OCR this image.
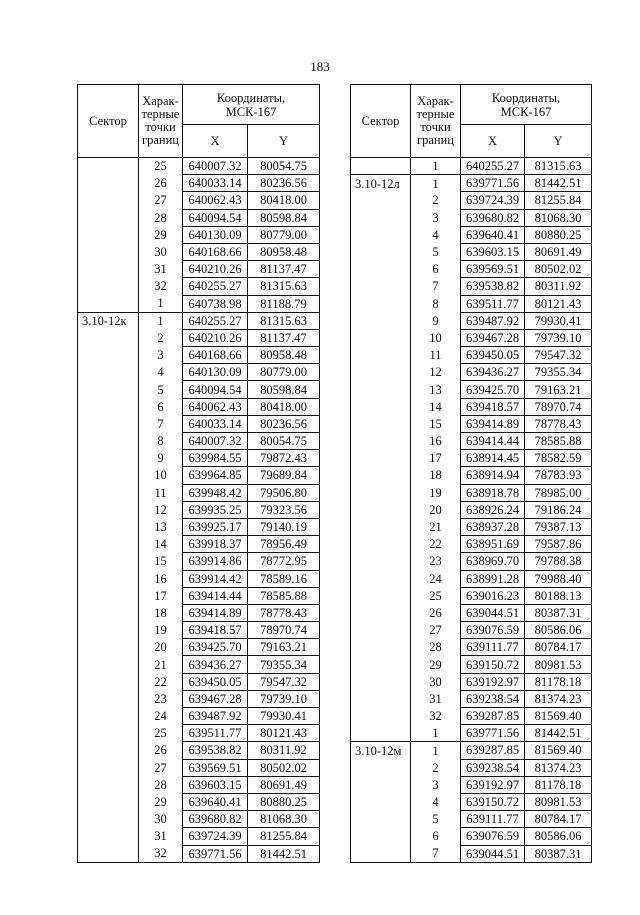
183
Сектор	Харак-
терные
точки
границ	Координаты,
МСК-167	
		X	Y
	25	640007.32	80054.75
	26	640033.14	80236.56
	27	640062.43	80418.00
	28	640094.54	80598.84
	29	640130.09	80779.00
	30	640168.66	80958.48
	31	640210.26	81137.47
	32	640255.27	81315.63
	1	640738.98	81188.79
3.10-12к	1	640255.27	81315.63
	2	640210.26	81137.47
	3	640168.66	80958.48
	4	640130.09	80779.00
	5	640094.54	80598.84
	6	640062.43	80418.00
	7	640033.14	80236.56
	8	640007.32	80054.75
	9	639984.55	79872.43
	10	639964.85	79689.84
	11	639948.42	79506.80
	12	639935.25	79323.56
	13	639925.17	79140.19
	14	639918.37	78956.49
	15	639914.86	78772.95
	16	639914.42	78589.16
	17	639414.44	78585.88
	18	639414.89	78778.43
	19	639418.57	78970.74
	20	639425.70	79163.21
	21	639436.27	79355.34
	22	639450.05	79547.32
	23	639467.28	79739.10
	24	639487.92	79930.41
	25	639511.77	80121.43
	26	639538.82	80311.92
	27	639569.51	80502.02
	28	639603.15	80691.49
	29	639640.41	80880.25
	30	639680.82	81068.30
	31	639724.39	81255.84
	32	639771.56	81442.51
Сектор	Харак-
терные
точки
границ	Координаты,
МСК-167	
		X	Y
	1	640255.27	81315.63
3.10-12л	1	639771.56	81442.51
	2	639724.39	81255.84
	3	639680.82	81068.30
	4	639640.41	80880.25
	5	639603.15	80691.49
	6	639569.51	80502.02
	7	639538.82	80311.92
	8	639511.77	80121.43
	9	639487.92	79930.41
	10	639467.28	79739.10
	11	639450.05	79547.32
	12	639436.27	79355.34
	13	639425.70	79163.21
	14	639418.57	78970.74
	15	639414.89	78778.43
	16	639414.44	78585.88
	17	638914.45	78582.59
	18	638914.94	78783.93
	19	638918.78	78985.00
	20	638926.24	79186.24
	21	638937.28	79387.13
	22	638951.69	79587.86
	23	638969.70	79788.38
	24	638991.28	79988.40
	25	639016.23	80188.13
	26	639044.51	80387.31
	27	639076.59	80586.06
	28	639111.77	80784.17
	29	639150.72	80981.53
	30	639192.97	81178.18
	31	639238.54	81374.23
	32	639287.85	81569.40
	1	639771.56	81442.51
3.10-12м	1	639287.85	81569.40
	2	639238.54	81374.23
	3	639192.97	81178.18
	4	639150.72	80981.53
	5	639111.77	80784.17
	6	639076.59	80586.06
	7	639044.51	80387.31
